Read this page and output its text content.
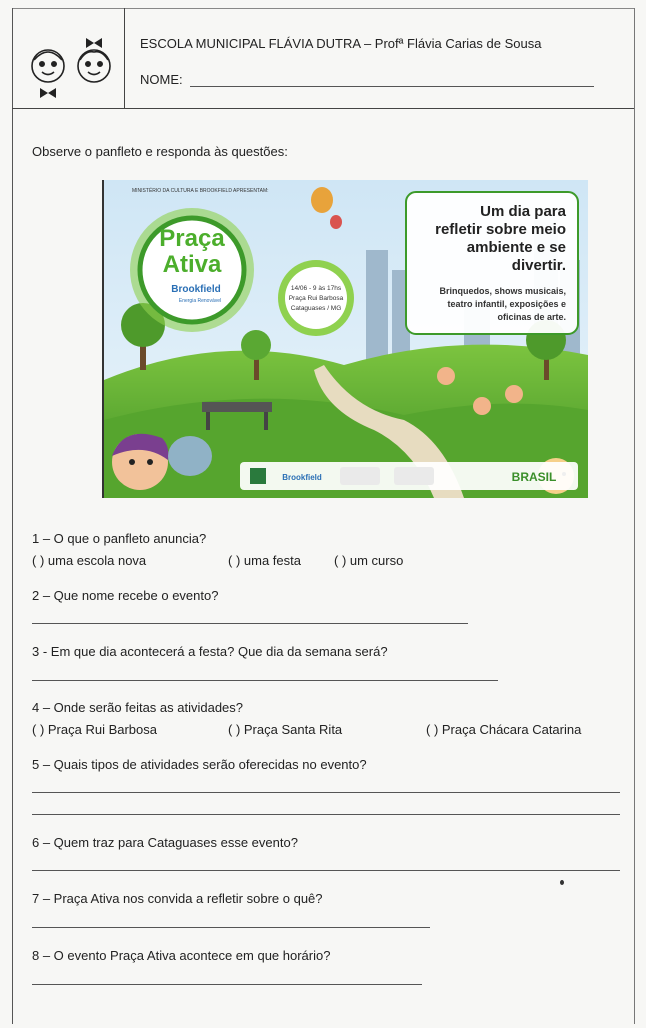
ESCOLA MUNICIPAL FLÁVIA DUTRA – Profª Flávia Carias de Sousa
NOME:
Observe o panfleto e responda às questões:
Praça
Ativa
Brookfield
Energia Renovável
14/06 - 9 às 17hs
Praça Rui Barbosa
Cataguases / MG
MINISTÉRIO DA CULTURA E BROOKFIELD APRESENTAM:
Um dia para
refletir sobre meio
ambiente e se
divertir.
Brinquedos, shows musicais,
teatro infantil, exposições e
oficinas de arte.
Brookfield	BRASIL
1 – O que o panfleto anuncia?
( ) uma escola nova	( ) uma festa	( ) um curso
2 – Que nome recebe o evento?
3 - Em que dia acontecerá a festa? Que dia da semana será?
4 – Onde serão feitas as atividades?
( ) Praça Rui Barbosa	( ) Praça Santa Rita	( ) Praça Chácara Catarina
5 – Quais tipos de atividades serão oferecidas no evento?
6 – Quem traz para Cataguases esse evento?
7 – Praça Ativa nos convida a refletir sobre o quê?
8 – O evento Praça Ativa acontece em que horário?
